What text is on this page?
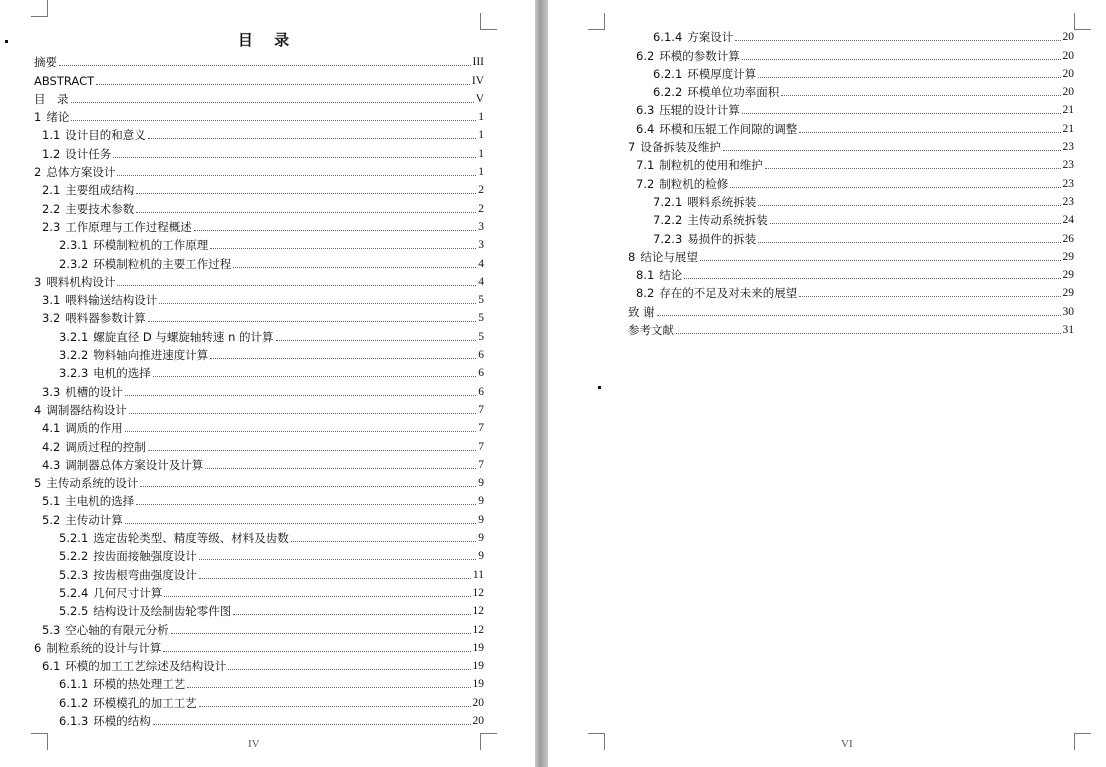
目 录
摘要	III
ABSTRACT	IV
目　录	V
1 绪论	1
1.1 设计目的和意义	1
1.2 设计任务	1
2 总体方案设计	1
2.1 主要组成结构	2
2.2 主要技术参数	2
2.3 工作原理与工作过程概述	3
2.3.1 环模制粒机的工作原理	3
2.3.2 环模制粒机的主要工作过程	4
3 喂料机构设计	4
3.1 喂料输送结构设计	5
3.2 喂料器参数计算	5
3.2.1 螺旋直径 D 与螺旋轴转速 n 的计算	5
3.2.2 物料轴向推进速度计算	6
3.2.3 电机的选择	6
3.3 机槽的设计	6
4 调制器结构设计	7
4.1 调质的作用	7
4.2 调质过程的控制	7
4.3 调制器总体方案设计及计算	7
5 主传动系统的设计	9
5.1 主电机的选择	9
5.2 主传动计算	9
5.2.1 选定齿轮类型、精度等级、材料及齿数	9
5.2.2 按齿面接触强度设计	9
5.2.3 按齿根弯曲强度设计	11
5.2.4 几何尺寸计算	12
5.2.5 结构设计及绘制齿轮零件图	12
5.3 空心轴的有限元分析	12
6 制粒系统的设计与计算	19
6.1 环模的加工工艺综述及结构设计	19
6.1.1 环模的热处理工艺	19
6.1.2 环模模孔的加工工艺	20
6.1.3 环模的结构	20
IV
6.1.4 方案设计	20
6.2 环模的参数计算	20
6.2.1 环模厚度计算	20
6.2.2 环模单位功率面积	20
6.3 压辊的设计计算	21
6.4 环模和压辊工作间隙的调整	21
7 设备拆装及维护	23
7.1 制粒机的使用和维护	23
7.2 制粒机的检修	23
7.2.1 喂料系统拆装	23
7.2.2 主传动系统拆装	24
7.2.3 易损件的拆装	26
8 结论与展望	29
8.1 结论	29
8.2 存在的不足及对未来的展望	29
致 谢	30
参考文献	31
VI
